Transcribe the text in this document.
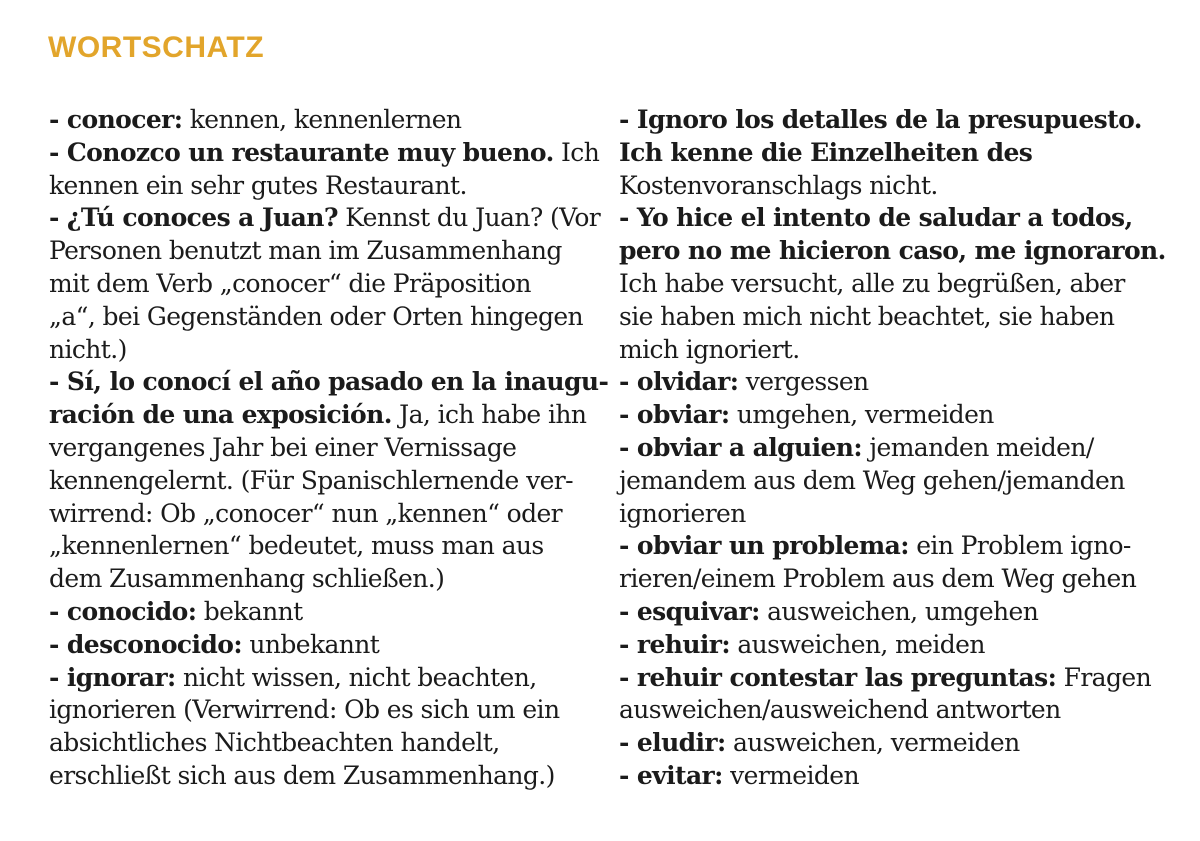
WORTSCHATZ
- conocer: kennen, kennenlernen
- Conozco un restaurante muy bueno. Ich
kennen ein sehr gutes Restaurant.
- ¿Tú conoces a Juan? Kennst du Juan? (Vor
Personen benutzt man im Zusammenhang
mit dem Verb „conocer“ die Präposition
„a“, bei Gegenständen oder Orten hingegen
nicht.)
- Sí, lo conocí el año pasado en la inaugu-
ración de una exposición. Ja, ich habe ihn
vergangenes Jahr bei einer Vernissage
kennengelernt. (Für Spanischlernende ver-
wirrend: Ob „conocer“ nun „kennen“ oder
„kennenlernen“ bedeutet, muss man aus
dem Zusammenhang schließen.)
- conocido: bekannt
- desconocido: unbekannt
- ignorar: nicht wissen, nicht beachten,
ignorieren (Verwirrend: Ob es sich um ein
absichtliches Nichtbeachten handelt,
erschließt sich aus dem Zusammenhang.)
- Ignoro los detalles de la presupuesto.
Ich kenne die Einzelheiten des
Kostenvoranschlags nicht.
- Yo hice el intento de saludar a todos,
pero no me hicieron caso, me ignoraron.
Ich habe versucht, alle zu begrüßen, aber
sie haben mich nicht beachtet, sie haben
mich ignoriert.
- olvidar: vergessen
- obviar: umgehen, vermeiden
- obviar a alguien: jemanden meiden/
jemandem aus dem Weg gehen/jemanden
ignorieren
- obviar un problema: ein Problem igno-
rieren/einem Problem aus dem Weg gehen
- esquivar: ausweichen, umgehen
- rehuir: ausweichen, meiden
- rehuir contestar las preguntas: Fragen
ausweichen/ausweichend antworten
- eludir: ausweichen, vermeiden
- evitar: vermeiden
